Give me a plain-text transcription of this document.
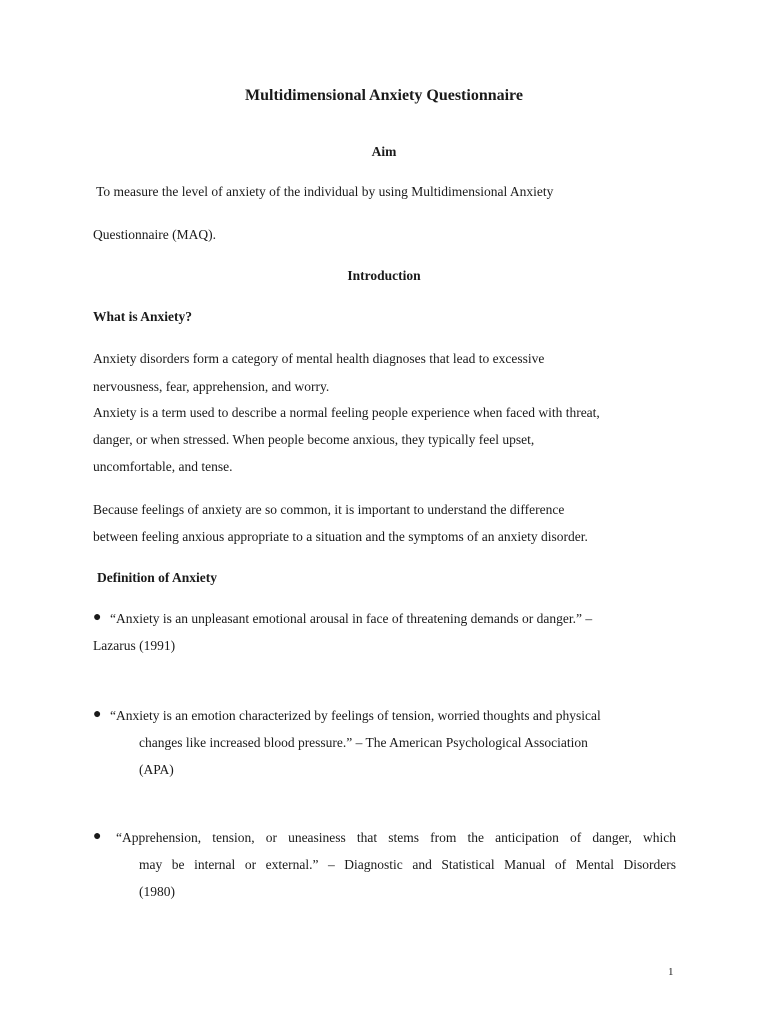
Multidimensional Anxiety Questionnaire
Aim
To measure the level of anxiety of the individual by using Multidimensional Anxiety
Questionnaire (MAQ).
Introduction
What is Anxiety?
Anxiety disorders form a category of mental health diagnoses that lead to excessive
nervousness, fear, apprehension, and worry.
Anxiety is a term used to describe a normal feeling people experience when faced with threat,
danger, or when stressed. When people become anxious, they typically feel upset,
uncomfortable, and tense.
Because feelings of anxiety are so common, it is important to understand the difference
between feeling anxious appropriate to a situation and the symptoms of an anxiety disorder.
Definition of Anxiety
● “Anxiety is an unpleasant emotional arousal in face of threatening demands or danger.” –
Lazarus (1991)
● “Anxiety is an emotion characterized by feelings of tension, worried thoughts and physical
changes like increased blood pressure.” – The American Psychological Association
(APA)
● “Apprehension, tension, or uneasiness that stems from the anticipation of danger, which
may be internal or external.” – Diagnostic and Statistical Manual of Mental Disorders
(1980)
1
